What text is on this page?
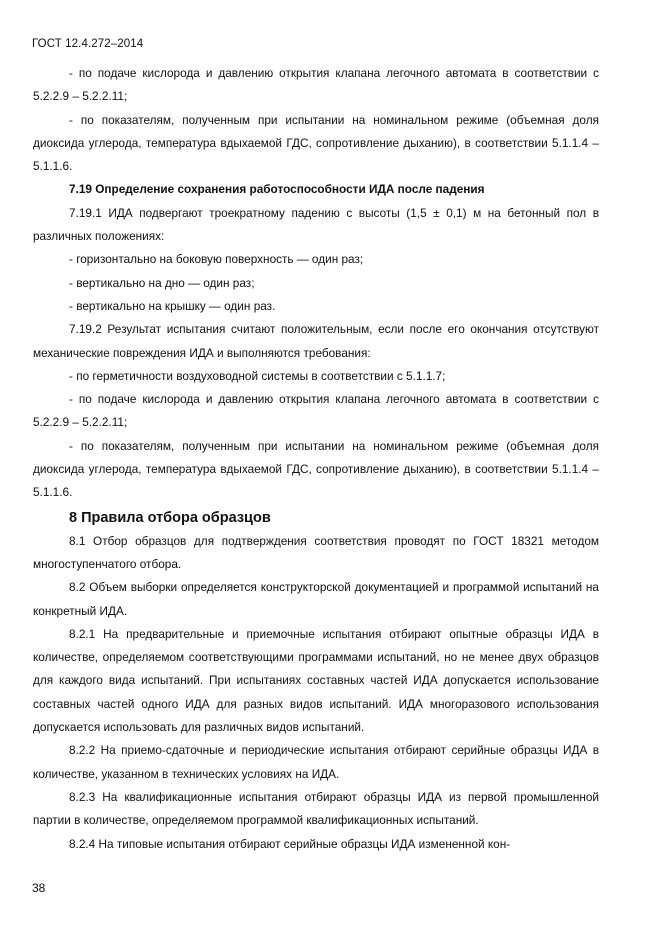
ГОСТ 12.4.272–2014

- по подаче кислорода и давлению открытия клапана легочного автомата в соответствии с 5.2.2.9 – 5.2.2.11;

- по показателям, полученным при испытании на номинальном режиме (объемная доля диоксида углерода, температура вдыхаемой ГДС, сопротивление дыханию), в соответствии 5.1.1.4 – 5.1.1.6.

7.19 Определение сохранения работоспособности ИДА после падения

7.19.1 ИДА подвергают троекратному падению с высоты (1,5 ± 0,1) м на бетонный пол в различных положениях:

- горизонтально на боковую поверхность — один раз;

- вертикально на дно — один раз;

- вертикально на крышку — один раз.

7.19.2 Результат испытания считают положительным, если после его окончания отсутствуют механические повреждения ИДА и выполняются требования:

- по герметичности воздуховодной системы в соответствии с 5.1.1.7;

- по подаче кислорода и давлению открытия клапана легочного автомата в соответствии с 5.2.2.9 – 5.2.2.11;

- по показателям, полученным при испытании на номинальном режиме (объемная доля диоксида углерода, температура вдыхаемой ГДС, сопротивление дыханию), в соответствии 5.1.1.4 – 5.1.1.6.

8 Правила отбора образцов

8.1 Отбор образцов для подтверждения соответствия проводят по ГОСТ 18321 методом многоступенчатого отбора.

8.2 Объем выборки определяется конструкторской документацией и программой испытаний на конкретный ИДА.

8.2.1 На предварительные и приемочные испытания отбирают опытные образцы ИДА в количестве, определяемом соответствующими программами испытаний, но не менее двух образцов для каждого вида испытаний. При испытаниях составных частей ИДА допускается использование составных частей одного ИДА для разных видов испытаний. ИДА многоразового использования допускается использовать для различных видов испытаний.

8.2.2 На приемо-сдаточные и периодические испытания отбирают серийные образцы ИДА в количестве, указанном в технических условиях на ИДА.

8.2.3 На квалификационные испытания отбирают образцы ИДА из первой промышленной партии в количестве, определяемом программой квалификационных испытаний.

8.2.4 На типовые испытания отбирают серийные образцы ИДА измененной кон-

38
